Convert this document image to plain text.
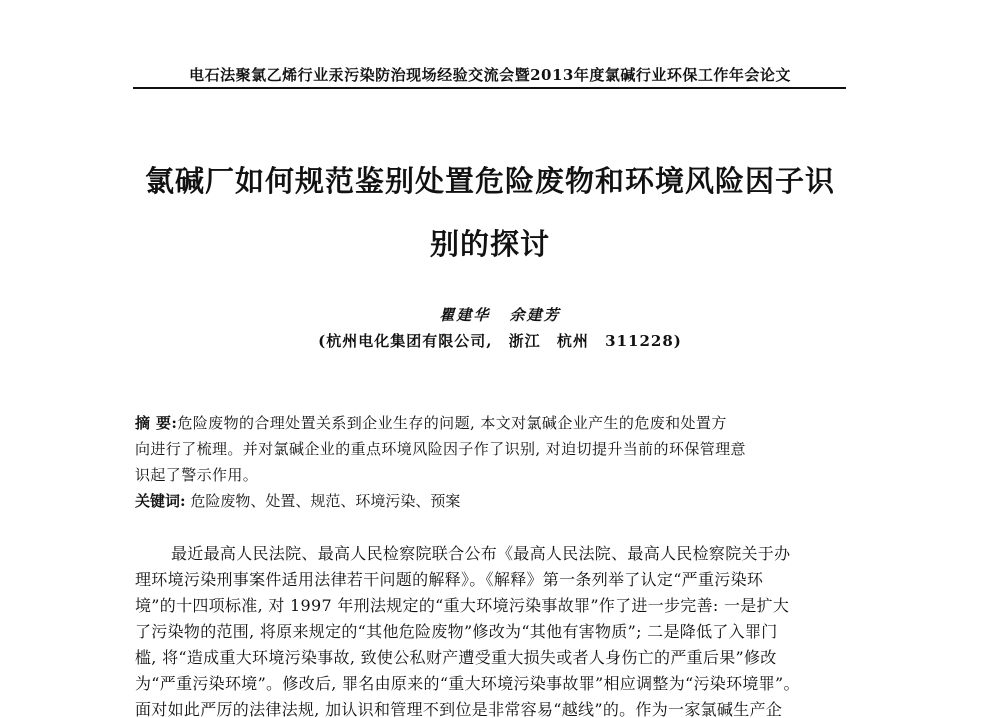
电石法聚氯乙烯行业汞污染防治现场经验交流会暨2013年度氯碱行业环保工作年会论文
氯碱厂如何规范鉴别处置危险废物和环境风险因子识
别的探讨
瞿建华 余建芳
(杭州电化集团有限公司, 浙江 杭州 311228)
摘 要:危险废物的合理处置关系到企业生存的问题, 本文对氯碱企业产生的危废和处置方
向进行了梳理。并对氯碱企业的重点环境风险因子作了识别, 对迫切提升当前的环保管理意
识起了警示作用。
关键词: 危险废物、处置、规范、环境污染、预案
最近最高人民法院、最高人民检察院联合公布《最高人民法院、最高人民检察院关于办
理环境污染刑事案件适用法律若干问题的解释》。《解释》第一条列举了认定“严重污染环
境”的十四项标准, 对 1997 年刑法规定的“重大环境污染事故罪”作了进一步完善: 一是扩大
了污染物的范围, 将原来规定的“其他危险废物”修改为“其他有害物质”; 二是降低了入罪门
槛, 将“造成重大环境污染事故, 致使公私财产遭受重大损失或者人身伤亡的严重后果”修改
为“严重污染环境”。修改后, 罪名由原来的“重大环境污染事故罪”相应调整为“污染环境罪”。
面对如此严厉的法律法规, 加认识和管理不到位是非常容易“越线”的。作为一家氯碱生产企
